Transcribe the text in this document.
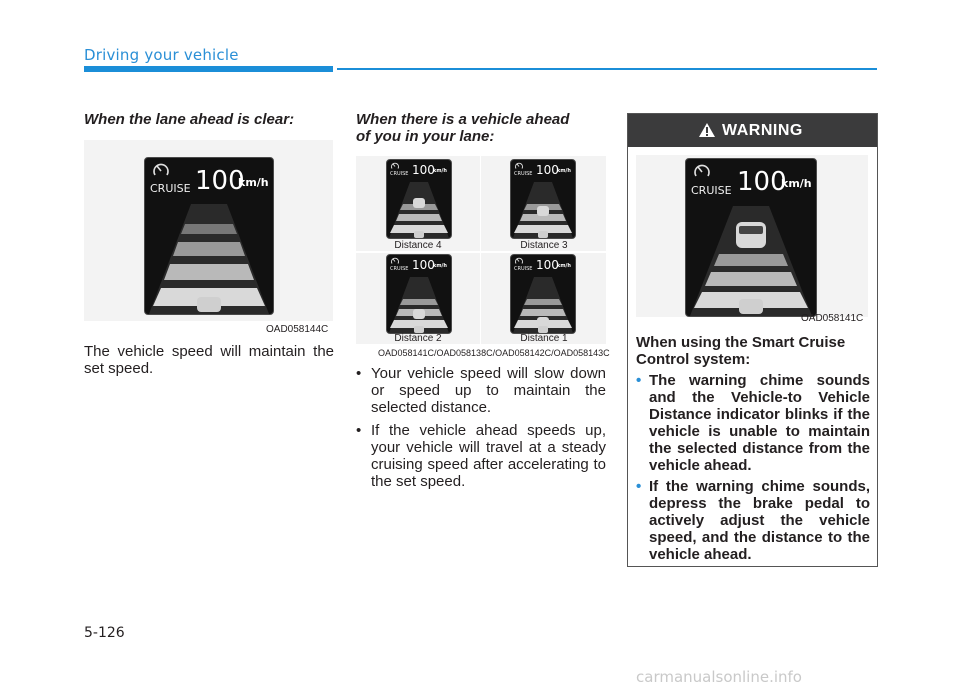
Driving your vehicle

When the lane ahead is clear:

CRUISE 100
km/h
OAD058144C

The vehicle speed will maintain the set speed.

When there is a vehicle ahead

of you in your lane:

CRUISE 100
km/h
Distance 4
CRUISE 100
km/h
Distance 3
CRUISE 100
km/h
Distance 2
CRUISE 100
km/h
Distance 1
OAD058141C/OAD058138C/OAD058142C/OAD058143C
• Your vehicle speed will slow down or speed up to maintain the selected distance.
• If the vehicle ahead speeds up, your vehicle will travel at a steady cruising speed after accelerating to the set speed.
WARNING
CRUISE 100
km/h
OAD058141C

When using the Smart Cruise Control system:

• The warning chime sounds and the Vehicle-to Vehicle Distance indicator blinks if the vehicle is unable to maintain the selected distance from the vehicle ahead.
• If the warning chime sounds, depress the brake pedal to actively adjust the vehicle speed, and the distance to the vehicle ahead.
5-126
carmanualsonline.info
